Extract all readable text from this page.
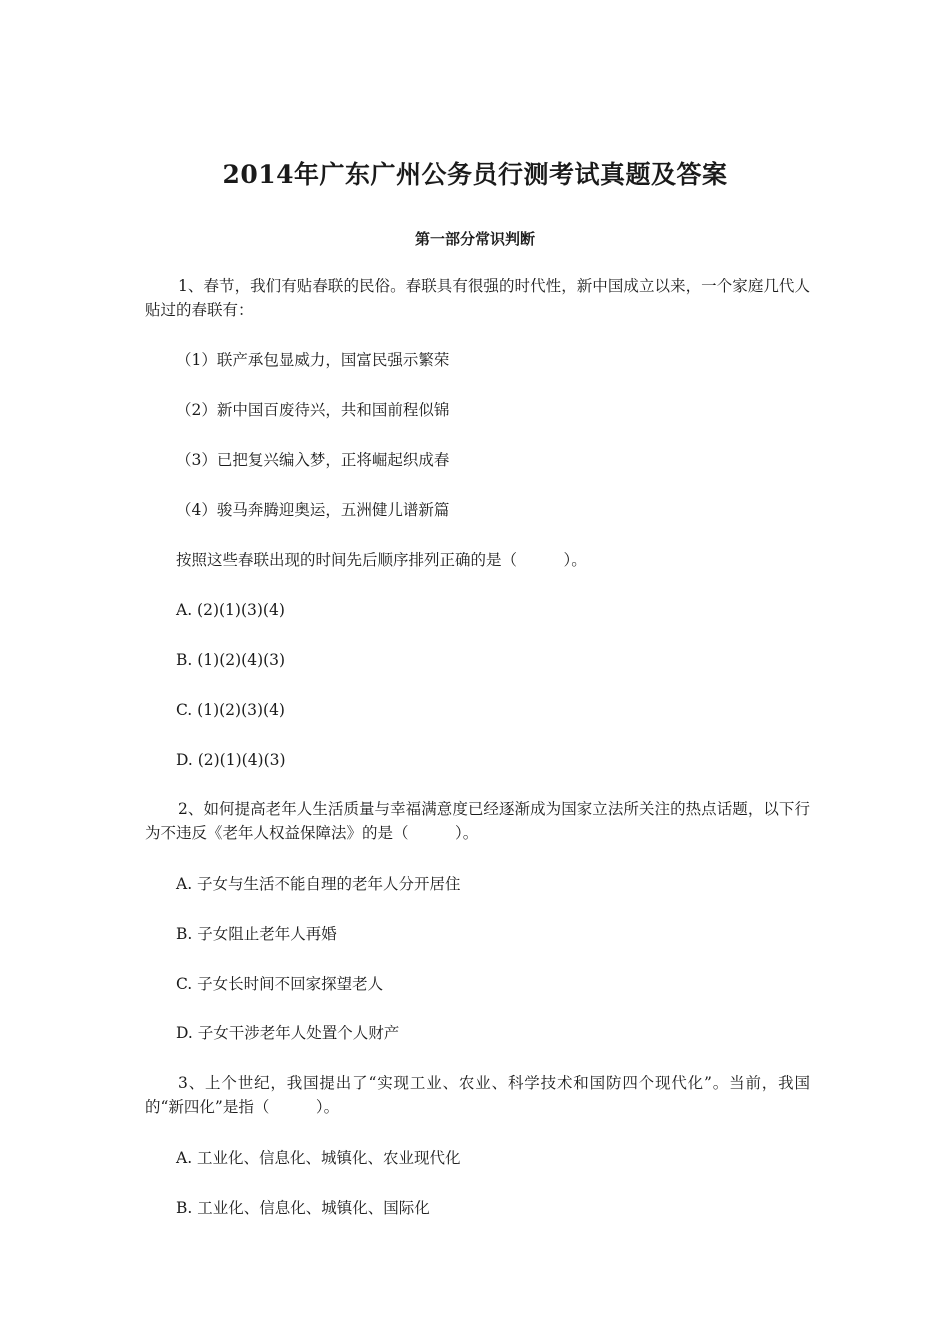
2014年广东广州公务员行测考试真题及答案
第一部分常识判断
1、春节，我们有贴春联的民俗。春联具有很强的时代性，新中国成立以来，一个家庭几代人贴过的春联有：
（1）联产承包显威力，国富民强示繁荣
（2）新中国百废待兴，共和国前程似锦
（3）已把复兴编入梦，正将崛起织成春
（4）骏马奔腾迎奥运，五洲健儿谱新篇
按照这些春联出现的时间先后顺序排列正确的是（　　　）。
A. (2)(1)(3)(4)
B. (1)(2)(4)(3)
C. (1)(2)(3)(4)
D. (2)(1)(4)(3)
2、如何提高老年人生活质量与幸福满意度已经逐渐成为国家立法所关注的热点话题，以下行为不违反《老年人权益保障法》的是（　　　）。
A. 子女与生活不能自理的老年人分开居住
B. 子女阻止老年人再婚
C. 子女长时间不回家探望老人
D. 子女干涉老年人处置个人财产
3、上个世纪，我国提出了“实现工业、农业、科学技术和国防四个现代化”。当前，我国的“新四化”是指（　　　）。
A. 工业化、信息化、城镇化、农业现代化
B. 工业化、信息化、城镇化、国际化
